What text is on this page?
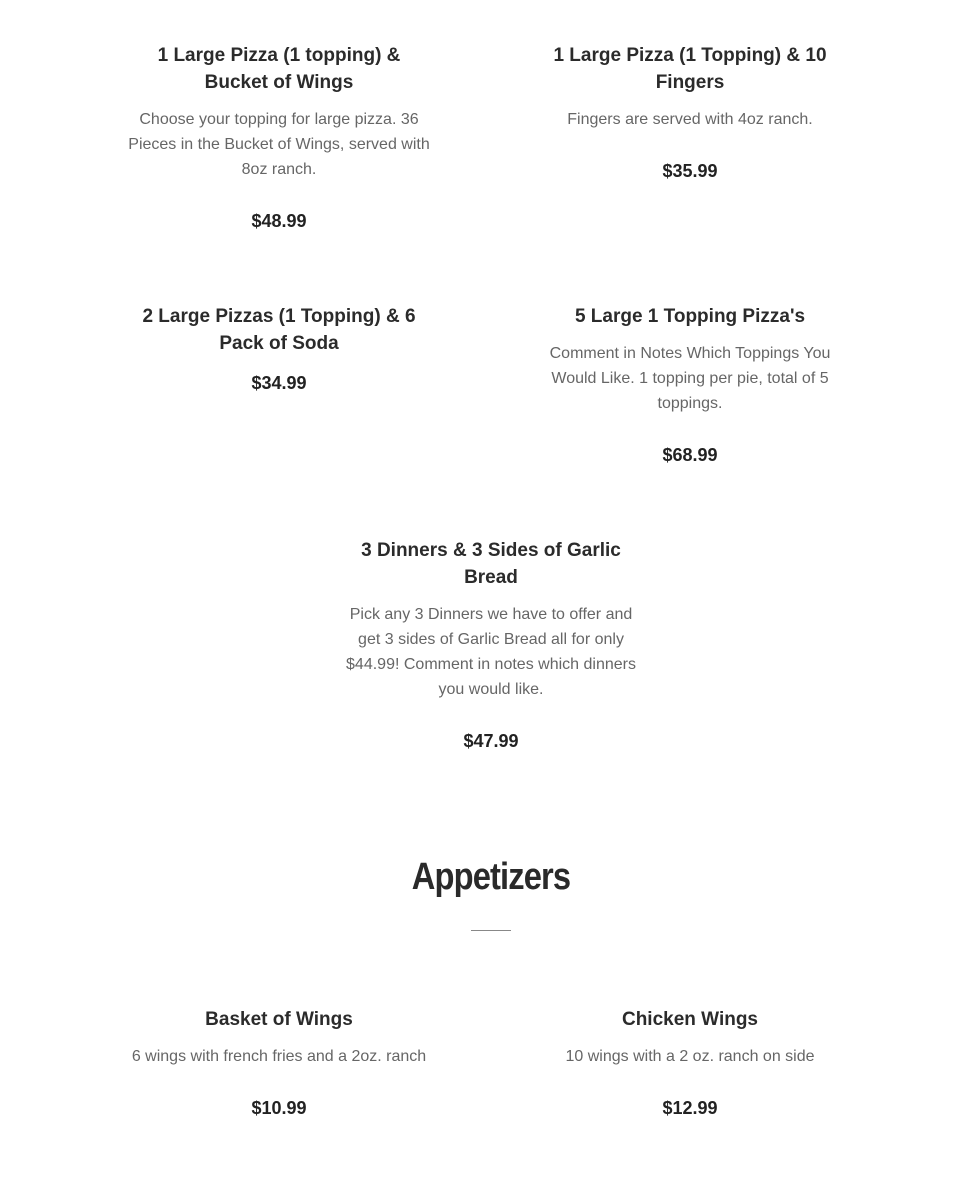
1 Large Pizza (1 topping) & Bucket of Wings

Choose your topping for large pizza. 36 Pieces in the Bucket of Wings, served with 8oz ranch.

$48.99
1 Large Pizza (1 Topping) & 10 Fingers

Fingers are served with 4oz ranch.

$35.99
2 Large Pizzas (1 Topping) & 6 Pack of Soda
$34.99
5 Large 1 Topping Pizza's

Comment in Notes Which Toppings You Would Like. 1 topping per pie, total of 5 toppings.

$68.99
3 Dinners & 3 Sides of Garlic Bread

Pick any 3 Dinners we have to offer and get 3 sides of Garlic Bread all for only $44.99! Comment in notes which dinners you would like.

$47.99
Appetizers
Basket of Wings

6 wings with french fries and a 2oz. ranch

$10.99
Chicken Wings

10 wings with a 2 oz. ranch on side

$12.99
